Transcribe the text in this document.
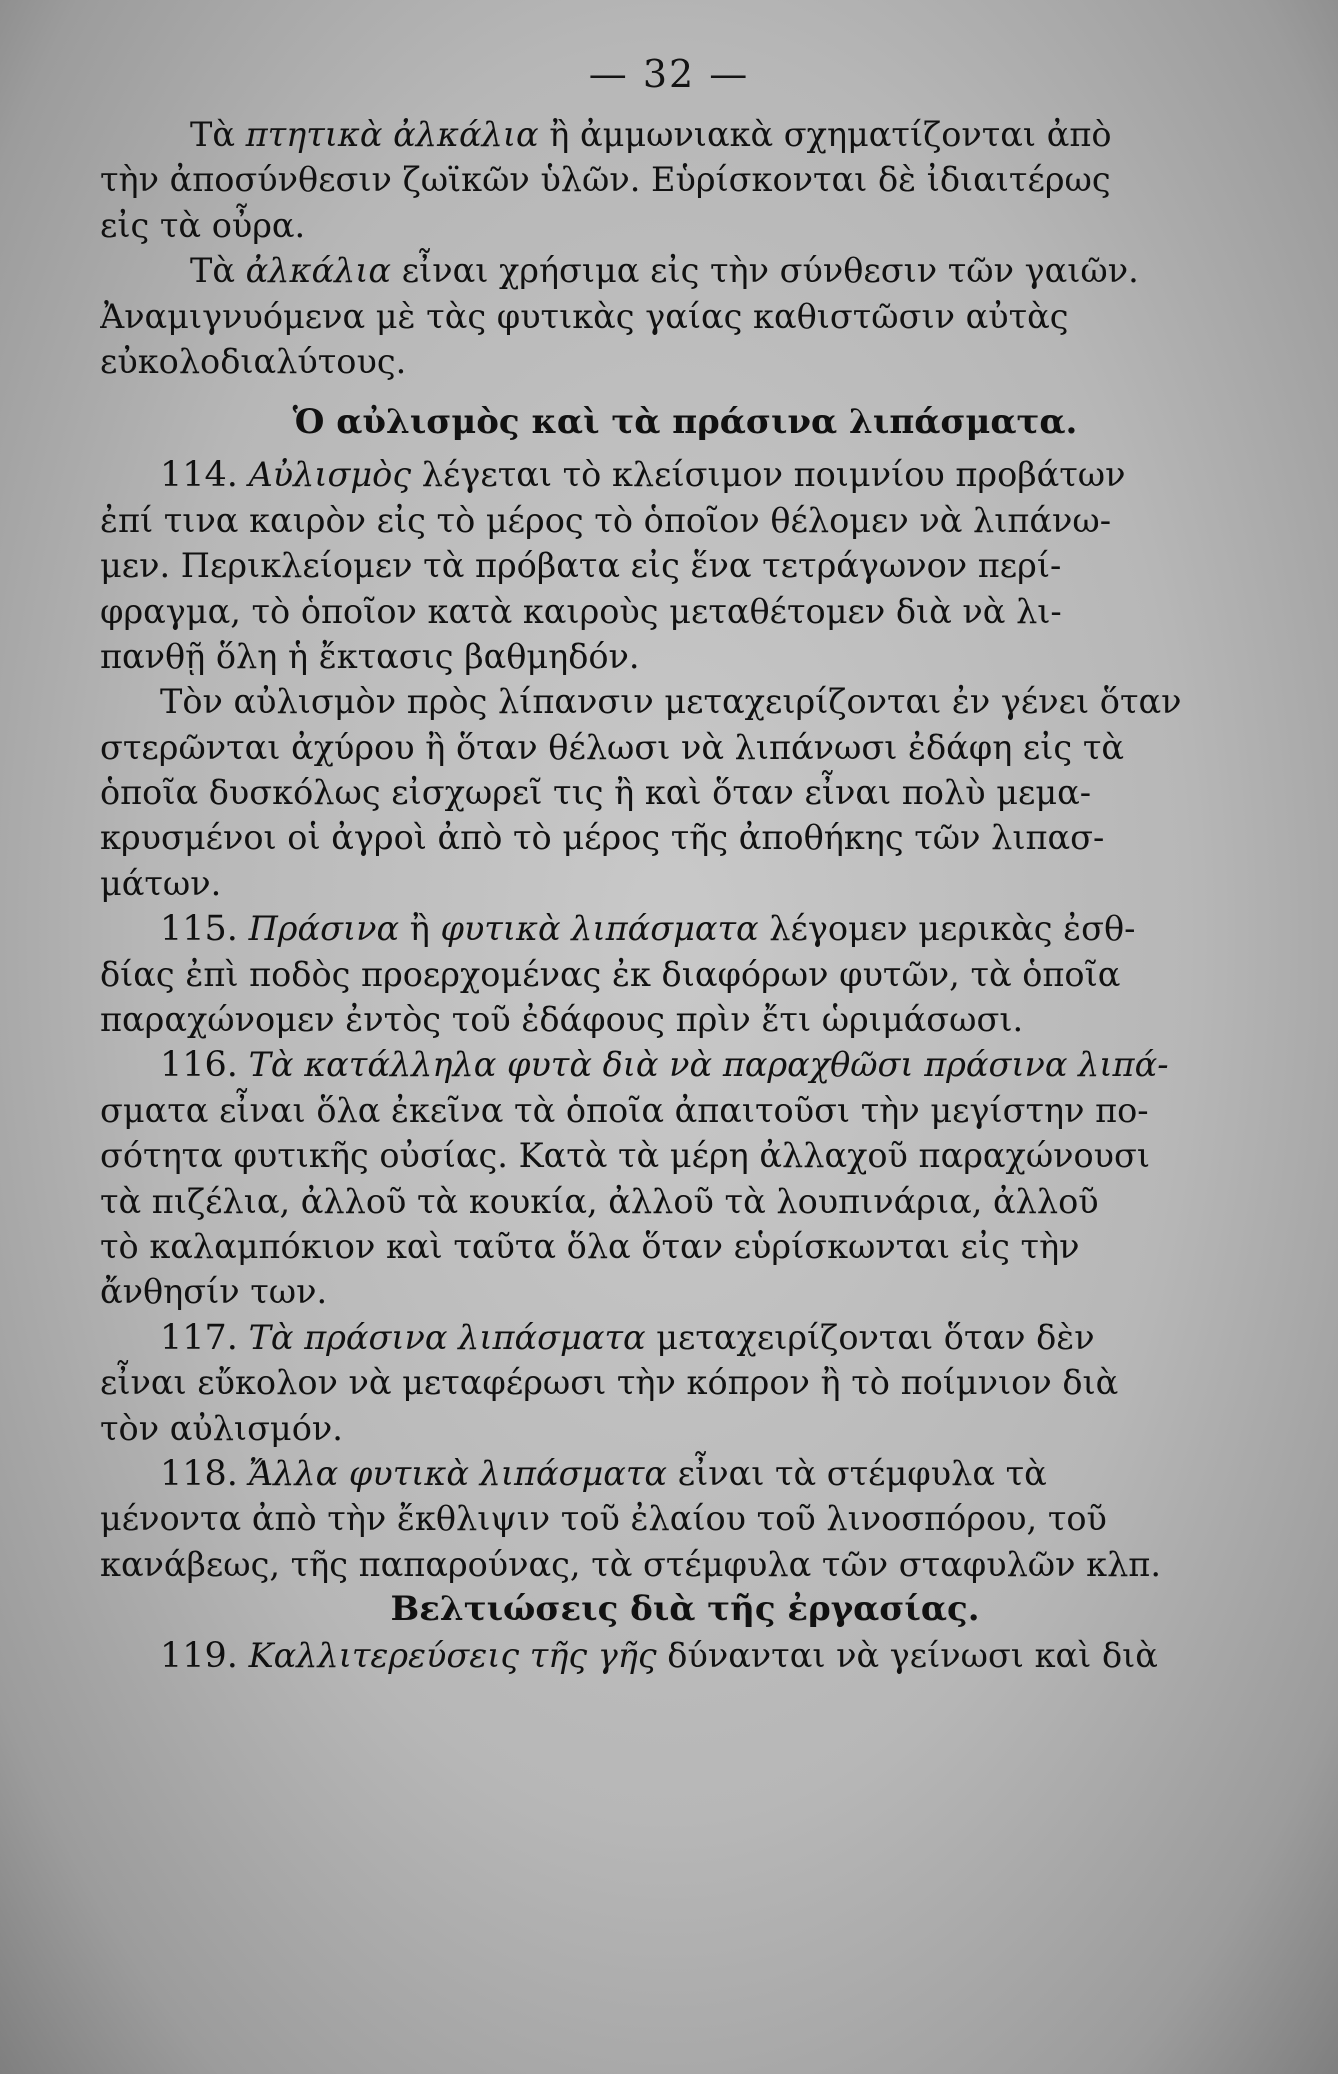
— 32 —
Τὰ πτητικὰ ἀλκάλια ἢ ἀμμωνιακὰ σχηματίζονται ἀπὸ
τὴν ἀποσύνθεσιν ζωϊκῶν ὑλῶν. Εὑρίσκονται δὲ ἰδιαιτέρως
εἰς τὰ οὖρα.
Τὰ ἀλκάλια εἶναι χρήσιμα εἰς τὴν σύνθεσιν τῶν γαιῶν.
Ἀναμιγνυόμενα μὲ τὰς φυτικὰς γαίας καθιστῶσιν αὐτὰς
εὐκολοδιαλύτους.
Ὁ αὐλισμὸς καὶ τὰ πράσινα λιπάσματα.
114. Αὐλισμὸς λέγεται τὸ κλείσιμον ποιμνίου προβάτων
ἐπί τινα καιρὸν εἰς τὸ μέρος τὸ ὁποῖον θέλομεν νὰ λιπάνω-
μεν. Περικλείομεν τὰ πρόβατα εἰς ἕνα τετράγωνον περί-
φραγμα, τὸ ὁποῖον κατὰ καιροὺς μεταθέτομεν διὰ νὰ λι-
πανθῇ ὅλη ἡ ἔκτασις βαθμηδόν.
Τὸν αὐλισμὸν πρὸς λίπανσιν μεταχειρίζονται ἐν γένει ὅταν
στερῶνται ἀχύρου ἢ ὅταν θέλωσι νὰ λιπάνωσι ἐδάφη εἰς τὰ
ὁποῖα δυσκόλως εἰσχωρεῖ τις ἢ καὶ ὅταν εἶναι πολὺ μεμα-
κρυσμένοι οἱ ἀγροὶ ἀπὸ τὸ μέρος τῆς ἀποθήκης τῶν λιπασ-
μάτων.
115. Πράσινα ἢ φυτικὰ λιπάσματα λέγομεν μερικὰς ἐσθ-
δίας ἐπὶ ποδὸς προερχομένας ἐκ διαφόρων φυτῶν, τὰ ὁποῖα
παραχώνομεν ἐντὸς τοῦ ἐδάφους πρὶν ἔτι ὡριμάσωσι.
116. Τὰ κατάλληλα φυτὰ διὰ νὰ παραχθῶσι πράσινα λιπά-
σματα εἶναι ὅλα ἐκεῖνα τὰ ὁποῖα ἀπαιτοῦσι τὴν μεγίστην πο-
σότητα φυτικῆς οὐσίας. Κατὰ τὰ μέρη ἀλλαχοῦ παραχώνουσι
τὰ πιζέλια, ἀλλοῦ τὰ κουκία, ἀλλοῦ τὰ λουπινάρια, ἀλλοῦ
τὸ καλαμπόκιον καὶ ταῦτα ὅλα ὅταν εὑρίσκωνται εἰς τὴν
ἄνθησίν των.
117. Τὰ πράσινα λιπάσματα μεταχειρίζονται ὅταν δὲν
εἶναι εὔκολον νὰ μεταφέρωσι τὴν κόπρον ἢ τὸ ποίμνιον διὰ
τὸν αὐλισμόν.
118. Ἄλλα φυτικὰ λιπάσματα εἶναι τὰ στέμφυλα τὰ
μένοντα ἀπὸ τὴν ἔκθλιψιν τοῦ ἐλαίου τοῦ λινοσπόρου, τοῦ
κανάβεως, τῆς παπαρούνας, τὰ στέμφυλα τῶν σταφυλῶν κλπ.
Βελτιώσεις διὰ τῆς ἐργασίας.
119. Καλλιτερεύσεις τῆς γῆς δύνανται νὰ γείνωσι καὶ διὰ
